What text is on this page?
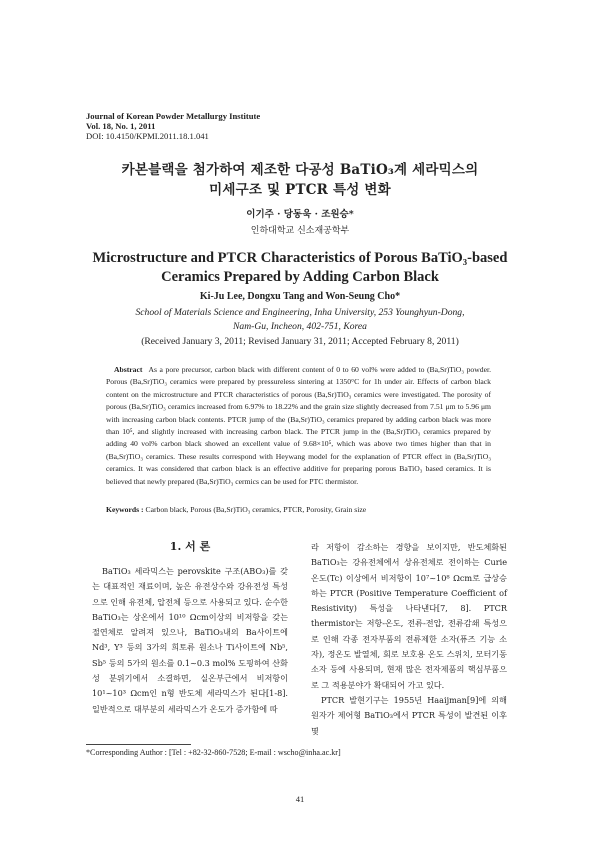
Journal of Korean Powder Metallurgy Institute
Vol. 18, No. 1, 2011
DOI: 10.4150/KPMI.2011.18.1.041
카본블랙을 첨가하여 제조한 다공성 BaTiO₃계 세라믹스의
미세구조 및 PTCR 특성 변화
이기주 · 당동욱 · 조원승*
인하대학교 신소재공학부
Microstructure and PTCR Characteristics of Porous BaTiO₃-based
Ceramics Prepared by Adding Carbon Black
Ki-Ju Lee, Dongxu Tang and Won-Seung Cho*
School of Materials Science and Engineering, Inha University, 253 Younghyun-Dong,
Nam-Gu, Incheon, 402-751, Korea
(Received January 3, 2011; Revised January 31, 2011; Accepted February 8, 2011)
Abstract As a pore precursor, carbon black with different content of 0 to 60 vol% were added to (Ba,Sr)TiO₃ powder. Porous (Ba,Sr)TiO₃ ceramics were prepared by pressureless sintering at 1350°C for 1h under air. Effects of carbon black content on the microstructure and PTCR characteristics of porous (Ba,Sr)TiO₃ ceramics were investigated. The porosity of porous (Ba,Sr)TiO₃ ceramics increased from 6.97% to 18.22% and the grain size slightly decreased from 7.51 μm to 5.96 μm with increasing carbon black contents. PTCR jump of the (Ba,Sr)TiO₃ ceramics prepared by adding carbon black was more than 10⁵, and slightly increased with increasing carbon black. The PTCR jump in the (Ba,Sr)TiO₃ ceramics prepared by adding 40 vol% carbon black showed an excellent value of 9.68×10⁵, which was above two times higher than that in (Ba,Sr)TiO₃ ceramics. These results correspond with Heywang model for the explanation of PTCR effect in (Ba,Sr)TiO₃ ceramics. It was considered that carbon black is an effective additive for preparing porous BaTiO₃ based ceramics. It is believed that newly prepared (Ba,Sr)TiO₃ cermics can be used for PTC thermistor.
Keywords : Carbon black, Porous (Ba,Sr)TiO₃ ceramics, PTCR, Porosity, Grain size
1. 서 론

BaTiO₃ 세라믹스는 perovskite 구조(ABO₃)를 갖는 대표적인 재료이며, 높은 유전상수와 강유전성 특성으로 인해 유전체, 압전체 등으로 사용되고 있다. 순수한 BaTiO₃는 상온에서 10¹⁰ Ωcm이상의 비저항을 갖는 절연체로 알려져 있으나, BaTiO₃내의 Ba사이트에 Nd³, Y³ 등의 3가의 희토류 원소나 Ti사이트에 Nb⁵, Sb⁵ 등의 5가의 원소를 0.1~0.3 mol% 도핑하여 산화성 분위기에서 소결하면, 실온부근에서 비저항이 10¹~10³ Ωcm인 n형 반도체 세라믹스가 된다[1-8]. 일반적으로 대부분의 세라믹스가 온도가 증가함에 따

라 저항이 감소하는 경향을 보이지만, 반도체화된 BaTiO₃는 강유전체에서 상유전체로 전이하는 Curie 온도(Tc) 이상에서 비저항이 10⁷~10⁸ Ωcm로 급상승하는 PTCR (Positive Temperature Coefficient of Resistivity) 특성을 나타낸다[7, 8]. PTCR thermistor는 저항-온도, 전류-전압, 전류감쇄 특성으로 인해 각종 전자부품의 전류제한 소자(퓨즈 기능 소자), 정온도 발열체, 회로 보호용 온도 스위치, 모터기동소자 등에 사용되며, 현재 많은 전자제품의 핵심부품으로 그 적용분야가 확대되어 가고 있다.

PTCR 발현기구는 1955년 Haaijman[9]에 의해 원자가 제어형 BaTiO₃에서 PTCR 특성이 발견된 이후 몇

*Corresponding Author : [Tel : +82-32-860-7528; E-mail : wscho@inha.ac.kr]
41
